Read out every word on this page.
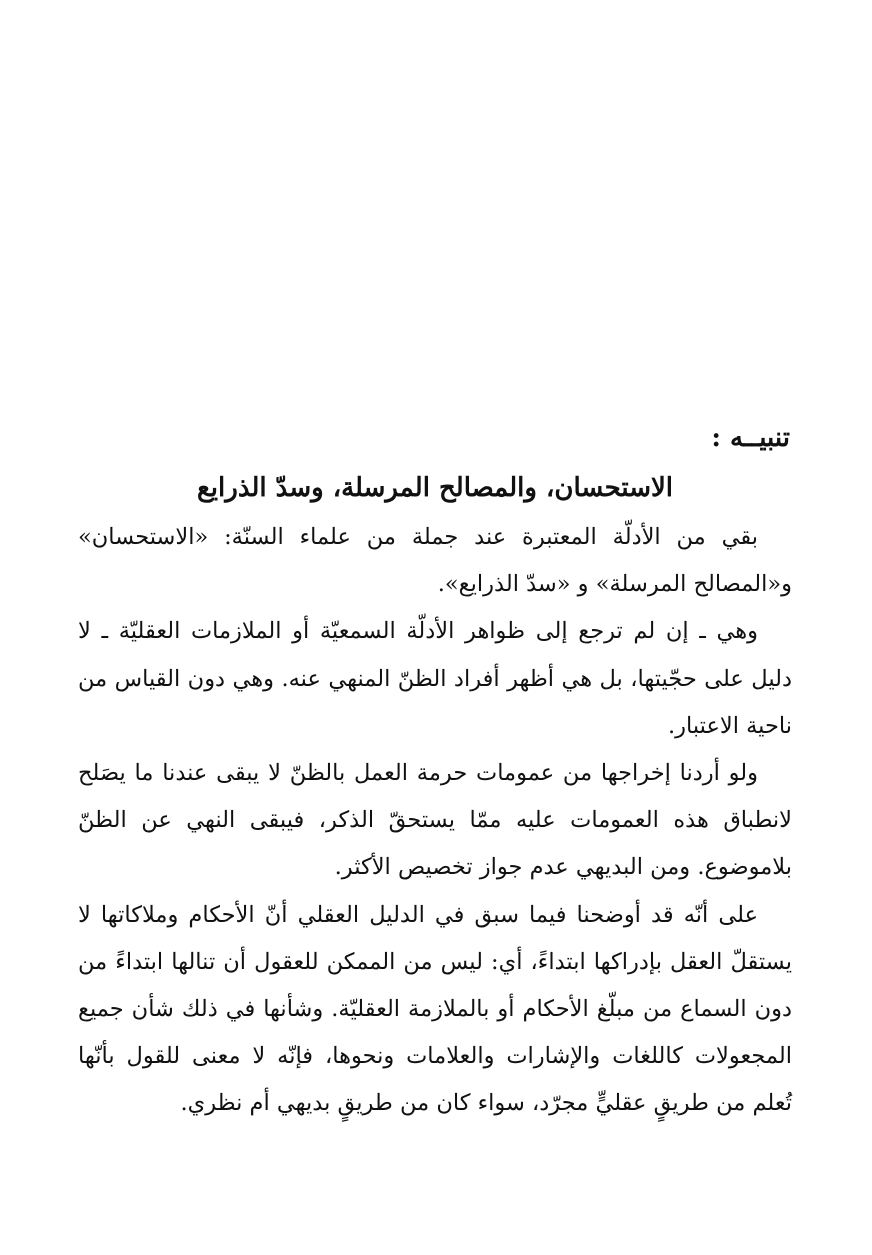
تنبيــه :

الاستحسان، والمصالح المرسلة، وسدّ الذرايع

بقي من الأدلّة المعتبرة عند جملة من علماء السنّة: «الاستحسان» و«المصالح المرسلة» و «سدّ الذرايع».

وهي ـ إن لم ترجع إلى ظواهر الأدلّة السمعيّة أو الملازمات العقليّة ـ لا دليل على حجّيتها، بل هي أظهر أفراد الظنّ المنهي عنه. وهي دون القياس من ناحية الاعتبار.

ولو أردنا إخراجها من عمومات حرمة العمل بالظنّ لا يبقى عندنا ما يصَلح لانطباق هذه العمومات عليه ممّا يستحقّ الذكر، فيبقى النهي عن الظنّ بلاموضوع. ومن البديهي عدم جواز تخصيص الأكثر.

على أنّه قد أوضحنا فيما سبق في الدليل العقلي أنّ الأحكام وملاكاتها لا يستقلّ العقل بإدراكها ابتداءً، أي: ليس من الممكن للعقول أن تنالها ابتداءً من دون السماع من مبلّغ الأحكام أو بالملازمة العقليّة. وشأنها في ذلك شأن جميع المجعولات كاللغات والإشارات والعلامات ونحوها، فإنّه لا معنى للقول بأنّها تُعلم من طريقٍ عقليٍّ مجرّد، سواء كان من طريقٍ بديهي أم نظري.
